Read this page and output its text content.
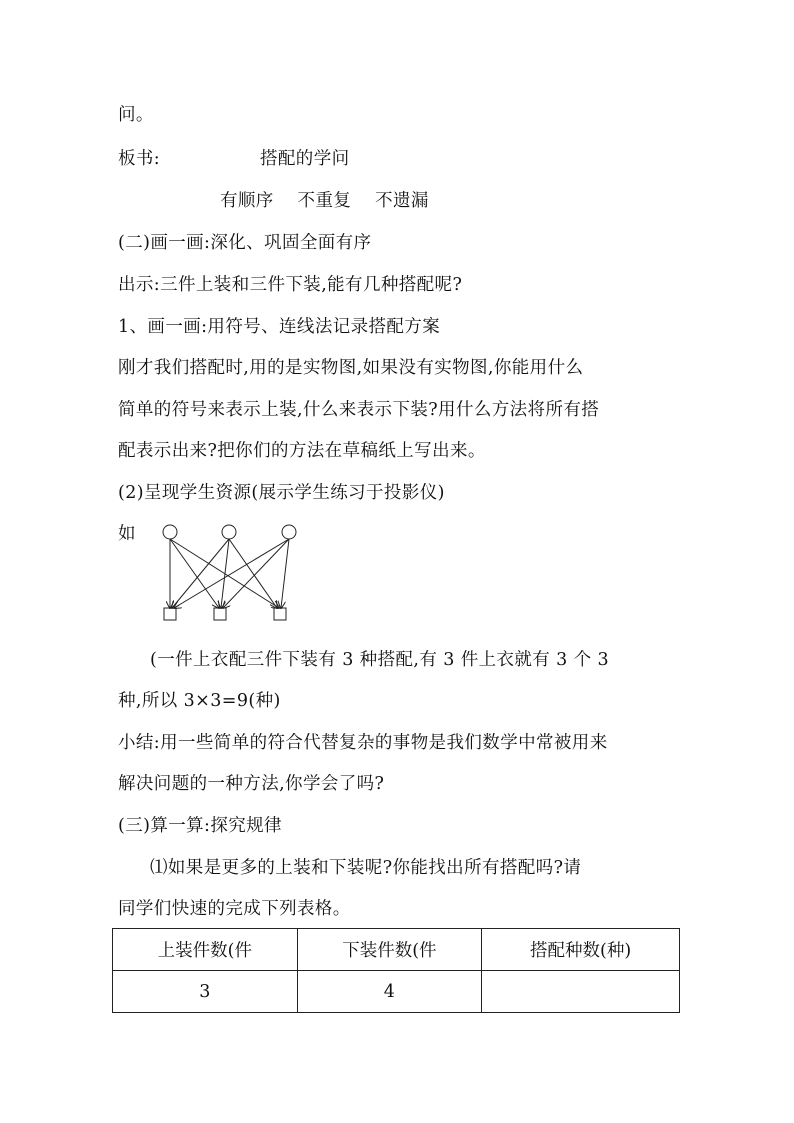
问。
板书:	搭配的学问
有顺序    不重复    不遗漏
(二)画一画:深化、巩固全面有序
出示:三件上装和三件下装,能有几种搭配呢?
1、画一画:用符号、连线法记录搭配方案
刚才我们搭配时,用的是实物图,如果没有实物图,你能用什么
简单的符号来表示上装,什么来表示下装?用什么方法将所有搭
配表示出来?把你们的方法在草稿纸上写出来。
(2)呈现学生资源(展示学生练习于投影仪)
如
(一件上衣配三件下装有 3 种搭配,有 3 件上衣就有 3 个 3
种,所以 3×3=9(种)
小结:用一些简单的符合代替复杂的事物是我们数学中常被用来
解决问题的一种方法,你学会了吗?
(三)算一算:探究规律
⑴如果是更多的上装和下装呢?你能找出所有搭配吗?请
同学们快速的完成下列表格。
上装件数(件	下装件数(件	搭配种数(种)
3	4	
